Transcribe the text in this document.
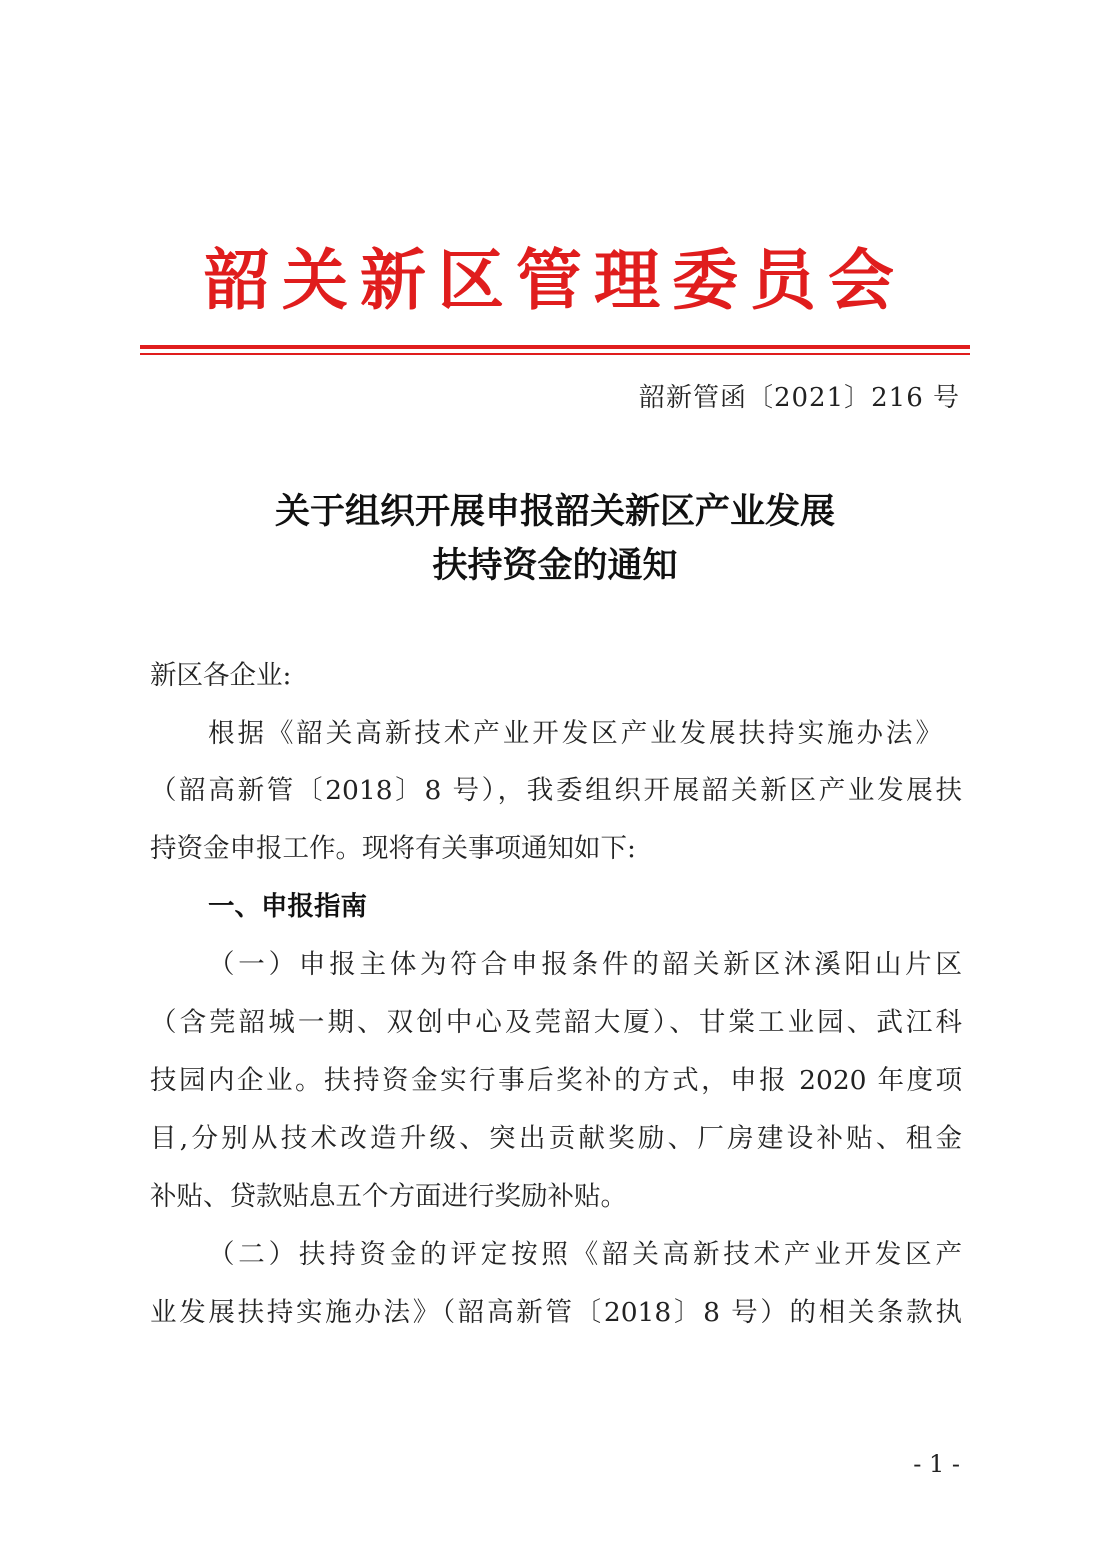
韶关新区管理委员会
韶新管函〔2021〕216 号
关于组织开展申报韶关新区产业发展
扶持资金的通知
新区各企业:
根据《韶关高新技术产业开发区产业发展扶持实施办法》
（韶高新管〔2018〕8 号），我委组织开展韶关新区产业发展扶
持资金申报工作。现将有关事项通知如下:
一、申报指南
（一）申报主体为符合申报条件的韶关新区沐溪阳山片区
（含莞韶城一期、双创中心及莞韶大厦）、甘棠工业园、武江科
技园内企业。扶持资金实行事后奖补的方式，申报 2020 年度项
目,分别从技术改造升级、突出贡献奖励、厂房建设补贴、租金
补贴、贷款贴息五个方面进行奖励补贴。
（二）扶持资金的评定按照《韶关高新技术产业开发区产
业发展扶持实施办法》（韶高新管〔2018〕8 号）的相关条款执
- 1 -
